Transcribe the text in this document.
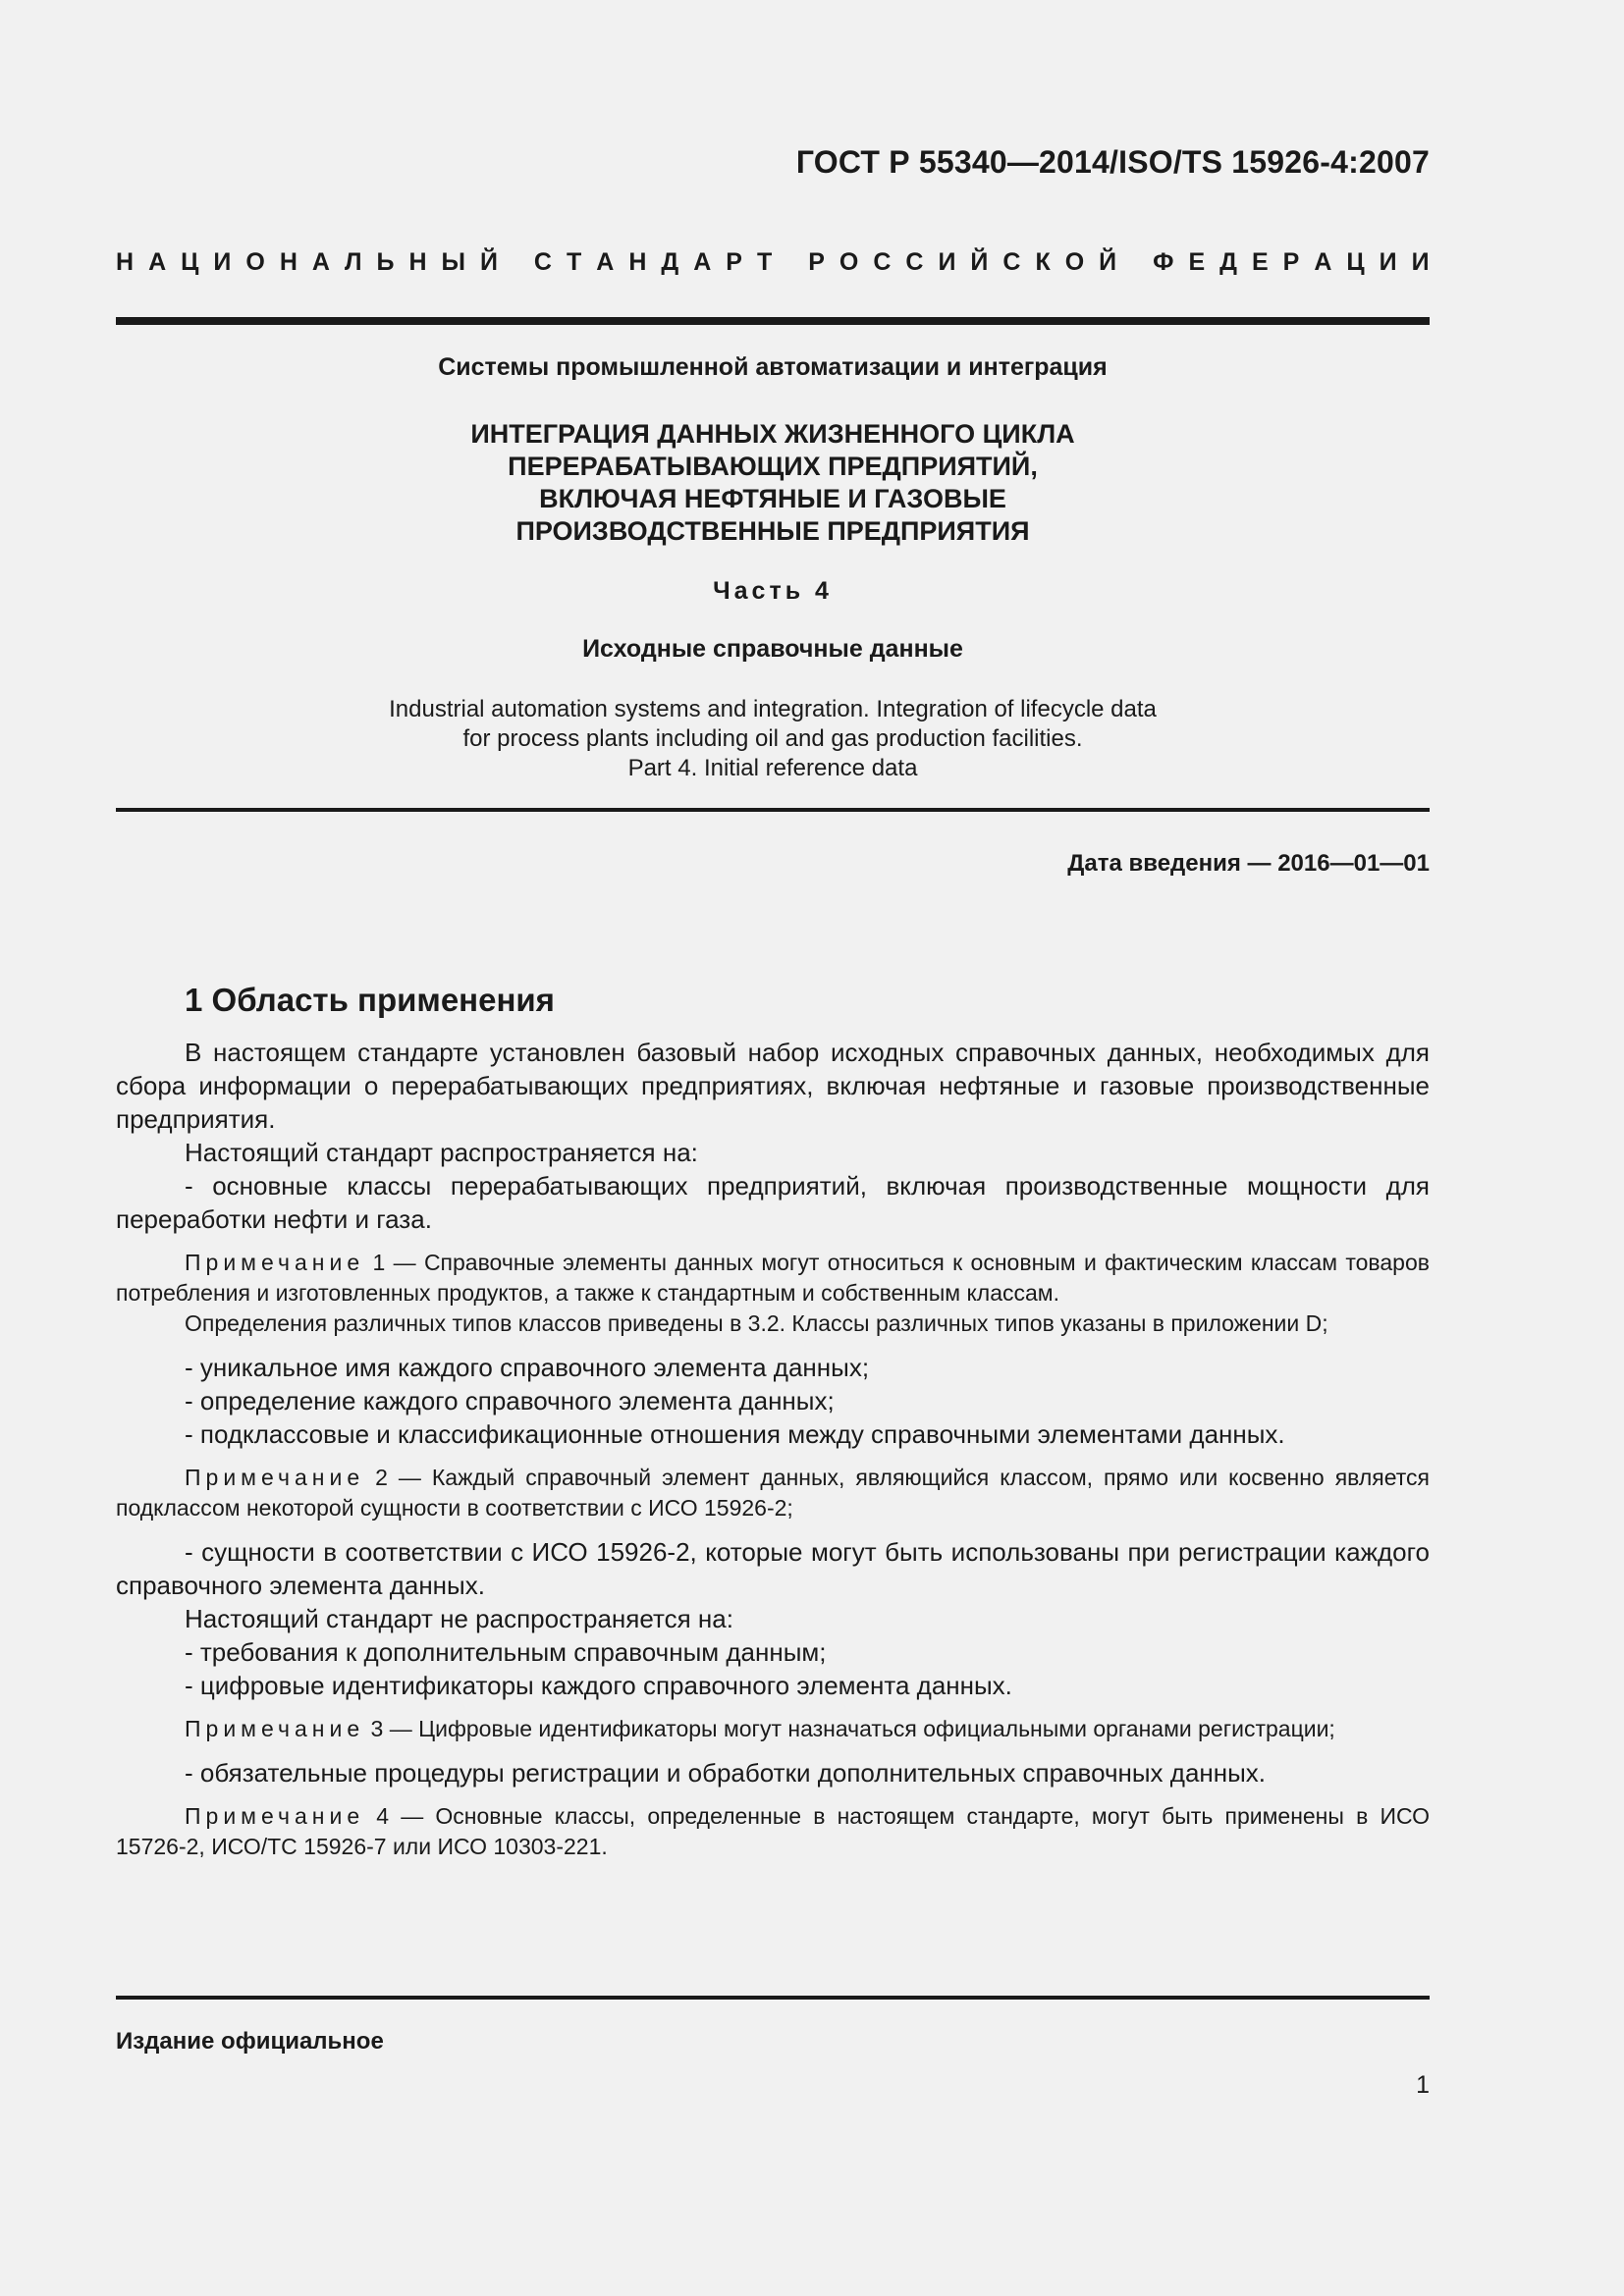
ГОСТ Р 55340—2014/ISO/TS 15926-4:2007
Н А Ц И О Н А Л Ь Н Ы Й
С Т А Н Д А Р Т
Р О С С И Й С К О Й
Ф Е Д Е Р А Ц И И
Системы промышленной автоматизации и интеграция
ИНТЕГРАЦИЯ ДАННЫХ ЖИЗНЕННОГО ЦИКЛА
ПЕРЕРАБАТЫВАЮЩИХ ПРЕДПРИЯТИЙ,
ВКЛЮЧАЯ НЕФТЯНЫЕ И ГАЗОВЫЕ
ПРОИЗВОДСТВЕННЫЕ ПРЕДПРИЯТИЯ
Часть 4
Исходные справочные данные
Industrial automation systems and integration. Integration of lifecycle data
for process plants including oil and gas production facilities.
Part 4. Initial reference data
Дата введения — 2016—01—01
1 Область применения

В настоящем стандарте установлен базовый набор исходных справочных данных, необходимых для сбора информации о перерабатывающих предприятиях, включая нефтяные и газовые производственные предприятия.

Настоящий стандарт распространяется на:

- основные классы перерабатывающих предприятий, включая производственные мощности для переработки нефти и газа.

Примечание 1 — Справочные элементы данных могут относиться к основным и фактическим классам товаров потребления и изготовленных продуктов, а также к стандартным и собственным классам.

Определения различных типов классов приведены в 3.2. Классы различных типов указаны в приложении D;

- уникальное имя каждого справочного элемента данных;

- определение каждого справочного элемента данных;

- подклассовые и классификационные отношения между справочными элементами данных.

Примечание 2 — Каждый справочный элемент данных, являющийся классом, прямо или косвенно является подклассом некоторой сущности в соответствии с ИСО 15926-2;

- сущности в соответствии с ИСО 15926-2, которые могут быть использованы при регистрации каждого справочного элемента данных.

Настоящий стандарт не распространяется на:

- требования к дополнительным справочным данным;

- цифровые идентификаторы каждого справочного элемента данных.

Примечание 3 — Цифровые идентификаторы могут назначаться официальными органами регистрации;

- обязательные процедуры регистрации и обработки дополнительных справочных данных.

Примечание 4 — Основные классы, определенные в настоящем стандарте, могут быть применены в ИСО 15726-2, ИСО/ТС 15926-7 или ИСО 10303-221.

Издание официальное
1
